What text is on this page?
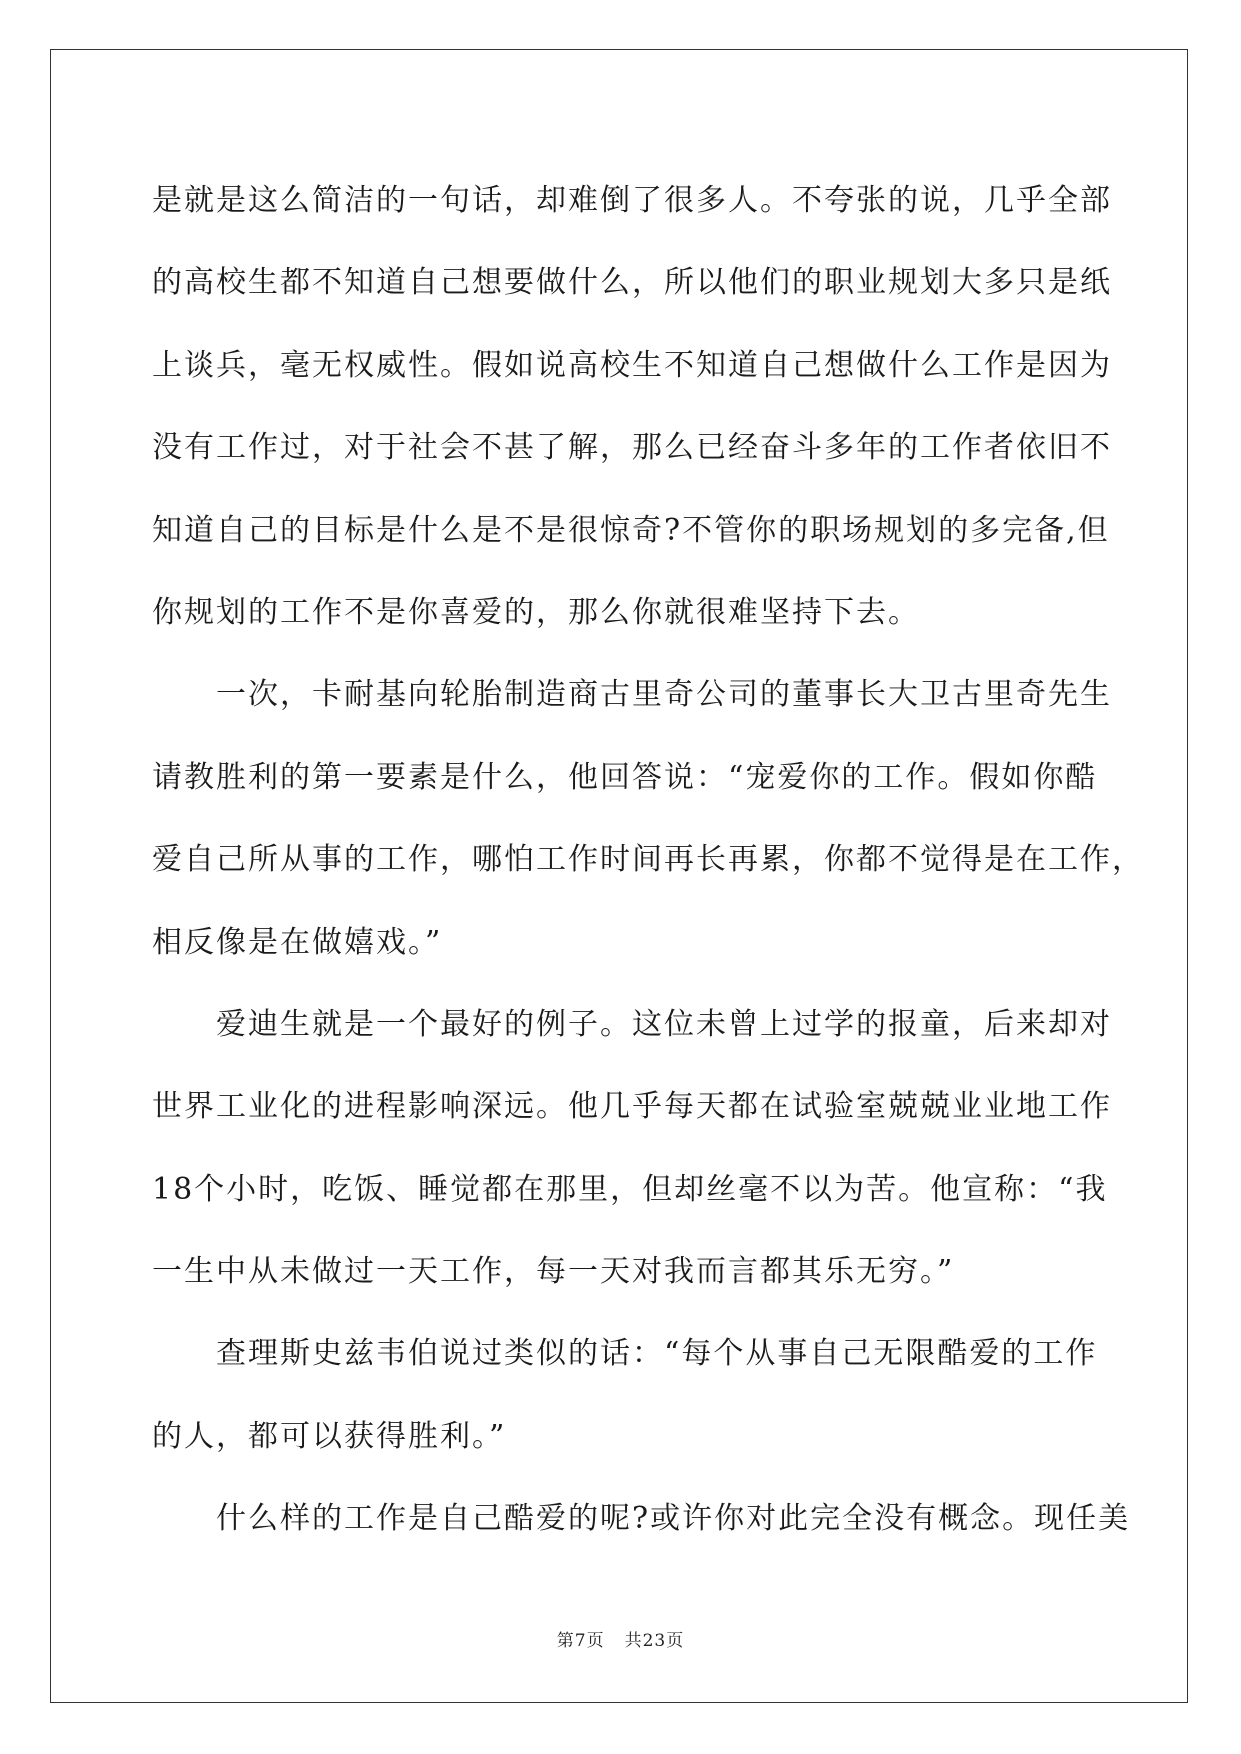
是就是这么简洁的一句话，却难倒了很多人。不夸张的说，几乎全部
的高校生都不知道自己想要做什么，所以他们的职业规划大多只是纸
上谈兵，毫无权威性。假如说高校生不知道自己想做什么工作是因为
没有工作过，对于社会不甚了解，那么已经奋斗多年的工作者依旧不
知道自己的目标是什么是不是很惊奇?不管你的职场规划的多完备,但
你规划的工作不是你喜爱的，那么你就很难坚持下去。
一次，卡耐基向轮胎制造商古里奇公司的董事长大卫古里奇先生
请教胜利的第一要素是什么，他回答说：“宠爱你的工作。假如你酷
爱自己所从事的工作，哪怕工作时间再长再累，你都不觉得是在工作，
相反像是在做嬉戏。”
爱迪生就是一个最好的例子。这位未曾上过学的报童，后来却对
世界工业化的进程影响深远。他几乎每天都在试验室兢兢业业地工作
18个小时，吃饭、睡觉都在那里，但却丝毫不以为苦。他宣称：“我
一生中从未做过一天工作，每一天对我而言都其乐无穷。”
查理斯史兹韦伯说过类似的话：“每个从事自己无限酷爱的工作
的人，都可以获得胜利。”
什么样的工作是自己酷爱的呢?或许你对此完全没有概念。现任美
第7页 共23页
